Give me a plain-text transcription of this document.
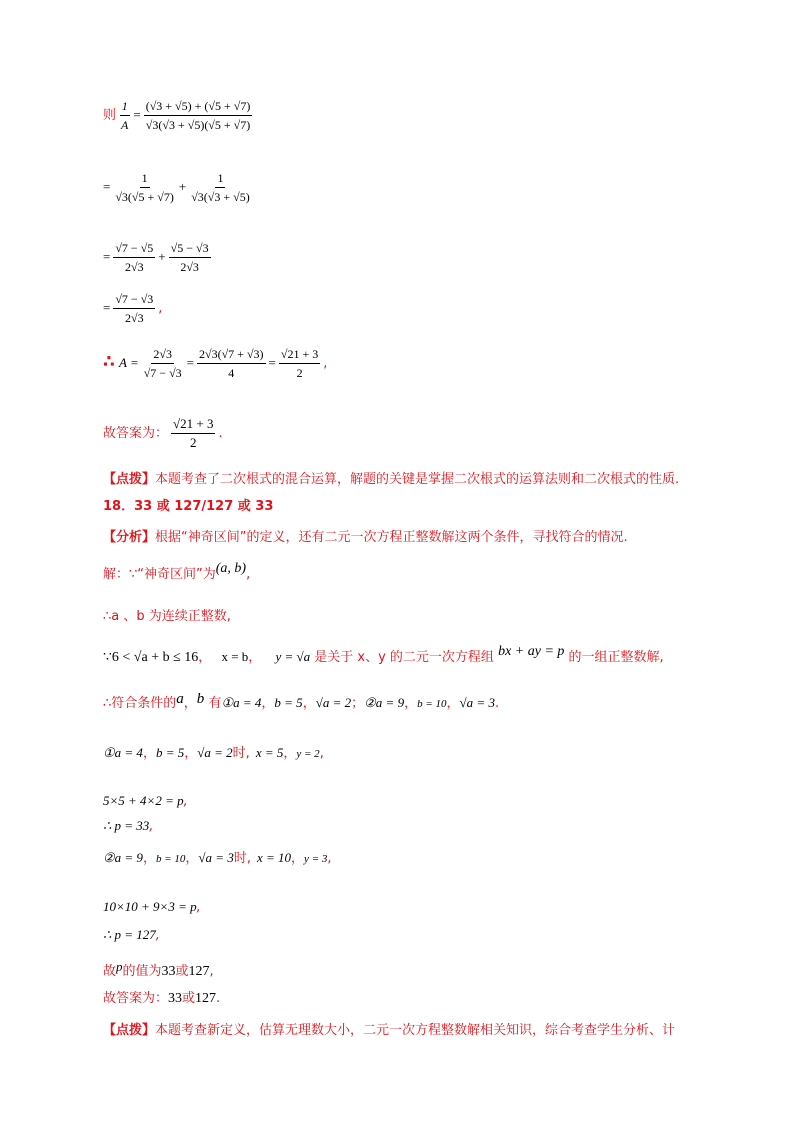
则 $\frac{1}{A} = \frac{(√3 + √5) + (√5 + √7)}{√3(√3 + √5)(√5 + √7)}$
= $\frac{1}{√3(√5 + √7)} + \frac{1}{√3(√3 + √5)}$
= $\frac{√7 - √5}{2√3} + \frac{√5 - √3}{2√3}$
= $\frac{√7 - √3}{2√3}$ ,
∴ $A = \frac{2√3}{√7 - √3} = \frac{2√3(√7 + √3)}{4} = \frac{√21 + 3}{2}$ ,
故答案为： $\frac{√21 + 3}{2}$ .
【点拨】本题考查了二次根式的混合运算，解题的关键是掌握二次根式的运算法则和二次根式的性质.
18．33 或 127/127 或 33
【分析】根据“神奇区间”的定义，还有二元一次方程正整数解这两个条件，寻找符合的情况.
解：∵“神奇区间”为(a, b),
∴a 、b 为连续正整数,
∵6 < √a + b ≤ 16， x = b， y = √a 是关于 x、y 的二元一次方程组 bx + ay = p 的一组正整数解,
∴符合条件的a，b 有①a = 4，b = 5，√a = 2；②a = 9，b = 10，√a = 3.
①a = 4，b = 5，√a = 2时, x = 5，y = 2,
5×5 + 4×2 = p,
∴ p = 33,
②a = 9，b = 10，√a = 3时, x = 10，y = 3,
10×10 + 9×3 = p,
∴ p = 127,
故p的值为33或127,
故答案为：33或127.
【点拨】本题考查新定义，估算无理数大小，二元一次方程整数解相关知识，综合考查学生分析、计
